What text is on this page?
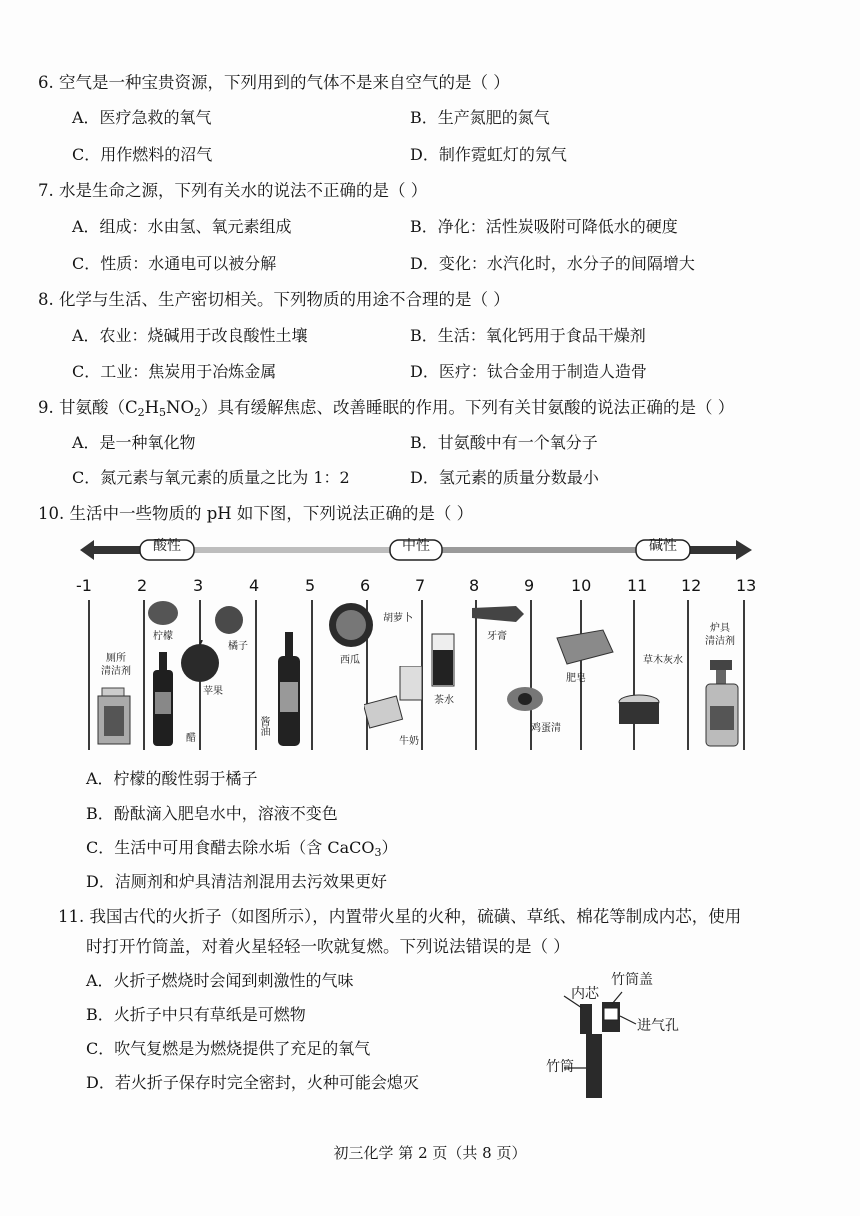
6. 空气是一种宝贵资源，下列用到的气体不是来自空气的是（ ）
A．医疗急救的氧气	B．生产氮肥的氮气
C．用作燃料的沼气	D．制作霓虹灯的氖气
7. 水是生命之源，下列有关水的说法不正确的是（ ）
A．组成：水由氢、氧元素组成	B．净化：活性炭吸附可降低水的硬度
C．性质：水通电可以被分解	D．变化：水汽化时，水分子的间隔增大
8. 化学与生活、生产密切相关。下列物质的用途不合理的是（ ）
A．农业：烧碱用于改良酸性土壤	B．生活：氧化钙用于食品干燥剂
C．工业：焦炭用于冶炼金属	D．医疗：钛合金用于制造人造骨
9. 甘氨酸$(C_2H_5NO_2)$具有缓解焦虑、改善睡眠的作用。下列有关甘氨酸的说法正确的是（ ）
A．是一种氧化物	B．甘氨酸中有一个氧分子
C．氮元素与氧元素的质量之比为 1：2	D．氢元素的质量分数最小
10. 生活中一些物质的 pH 如下图，下列说法正确的是（ ）
酸性	中性	碱性
-1	2	3	4	5	6	7	8	9 10 11 12 13
厕所
清洁剂
柠檬
醋
苹果
橘子
酱油
西瓜
胡萝卜
牛奶
茶水
牙膏
鸡蛋清
肥皂
草木灰水
炉具
清洁剂
A．柠檬的酸性弱于橘子
B．酚酞滴入肥皂水中，溶液不变色
C．生活中可用食醋去除水垢（含 CaCO$_3$）
D．洁厕剂和炉具清洁剂混用去污效果更好
11. 我国古代的火折子（如图所示），内置带火星的火种，硫磺、草纸、棉花等制成内芯，使用
时打开竹筒盖，对着火星轻轻一吹就复燃。下列说法错误的是（ ）
A．火折子燃烧时会闻到刺激性的气味
B．火折子中只有草纸是可燃物
C．吹气复燃是为燃烧提供了充足的氧气
D．若火折子保存时完全密封，火种可能会熄灭
内芯
竹筒盖
进气孔
竹筒
初三化学 第 2 页（共 8 页）
